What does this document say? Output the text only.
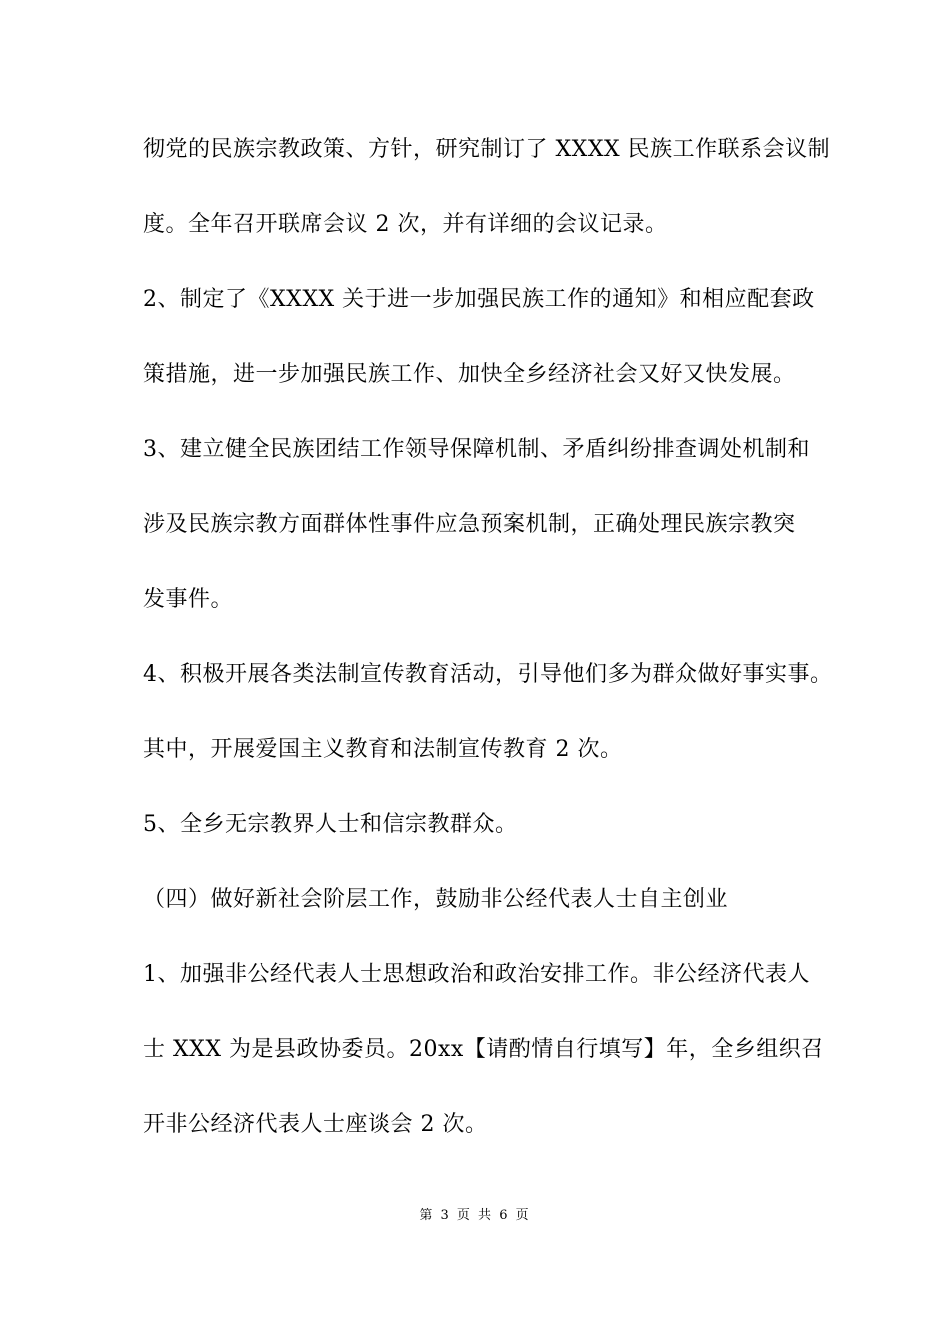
彻党的民族宗教政策、方针，研究制订了 XXXX 民族工作联系会议制
度。全年召开联席会议 2 次，并有详细的会议记录。
2、制定了《XXXX 关于进一步加强民族工作的通知》和相应配套政
策措施，进一步加强民族工作、加快全乡经济社会又好又快发展。
3、建立健全民族团结工作领导保障机制、矛盾纠纷排查调处机制和
涉及民族宗教方面群体性事件应急预案机制，正确处理民族宗教突
发事件。
4、积极开展各类法制宣传教育活动，引导他们多为群众做好事实事。
其中，开展爱国主义教育和法制宣传教育 2 次。
5、全乡无宗教界人士和信宗教群众。
（四）做好新社会阶层工作，鼓励非公经代表人士自主创业
1、加强非公经代表人士思想政治和政治安排工作。非公经济代表人
士 XXX 为是县政协委员。20xx【请酌情自行填写】年，全乡组织召
开非公经济代表人士座谈会 2 次。
第 3 页 共 6 页
